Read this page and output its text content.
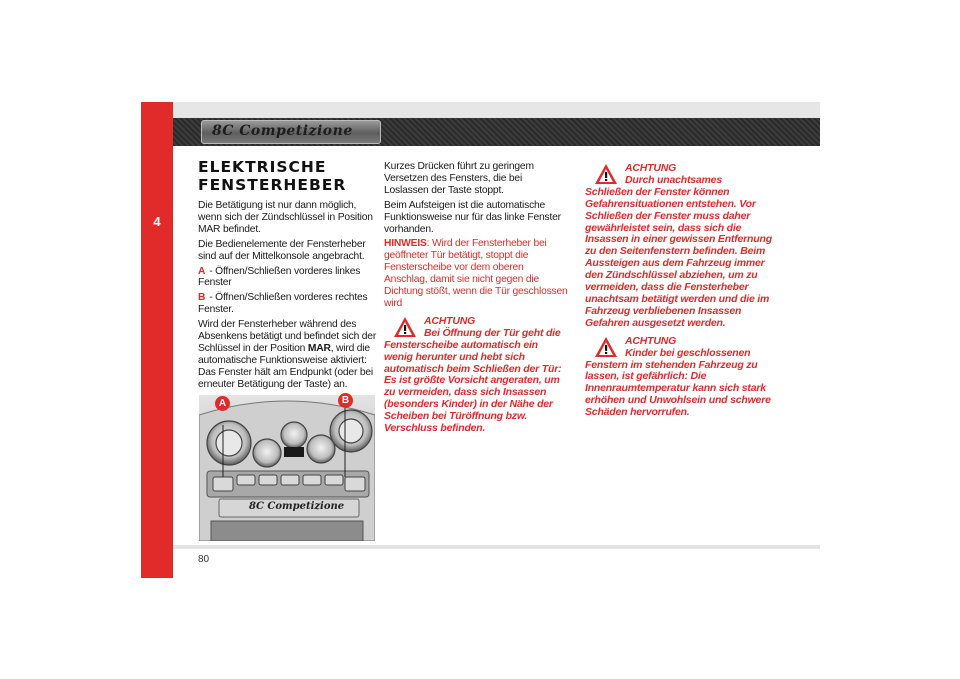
4
8C Competizione
ELEKTRISCHE FENSTERHEBER

Die Betätigung ist nur dann möglich, wenn sich der Zündschlüssel in Position MAR befindet.

Die Bedienelemente der Fensterheber sind auf der Mittelkonsole angebracht.

A - Öffnen/Schließen vorderes linkes Fenster

B - Öffnen/Schließen vorderes rechtes Fenster.

Wird der Fensterheber während des Absenkens betätigt und befindet sich der Schlüssel in der Position MAR, wird die automatische Funktionsweise aktiviert: Das Fenster hält am Endpunkt (oder bei erneuter Betätigung der Taste) an.

8C Competizione
A	B

Kurzes Drücken führt zu geringem Versetzen des Fensters, die bei Loslassen der Taste stoppt.

Beim Aufsteigen ist die automatische Funktionsweise nur für das linke Fenster vorhanden.

HINWEIS: Wird der Fensterheber bei geöffneter Tür betätigt, stoppt die Fensterscheibe vor dem oberen Anschlag, damit sie nicht gegen die Dichtung stößt, wenn die Tür geschlossen wird

ACHTUNG
Bei Öffnung der Tür geht die
Fensterscheibe automatisch ein wenig herunter und hebt sich automatisch beim Schließen der Tür: Es ist größte Vorsicht angeraten, um zu vermeiden, dass sich Insassen (besonders Kinder) in der Nähe der Scheiben bei Türöffnung bzw. Verschluss befinden.
ACHTUNG
Durch unachtsames
Schließen der Fenster können Gefahrensituationen entstehen. Vor Schließen der Fenster muss daher gewährleistet sein, dass sich die Insassen in einer gewissen Entfernung zu den Seitenfenstern befinden. Beim Aussteigen aus dem Fahrzeug immer den Zündschlüssel abziehen, um zu vermeiden, dass die Fensterheber unachtsam betätigt werden und die im Fahrzeug verbliebenen Insassen Gefahren ausgesetzt werden.
ACHTUNG
Kinder bei geschlossenen
Fenstern im stehenden Fahrzeug zu lassen, ist gefährlich: Die Innenraumtemperatur kann sich stark erhöhen und Unwohlsein und schwere Schäden hervorrufen.
80
